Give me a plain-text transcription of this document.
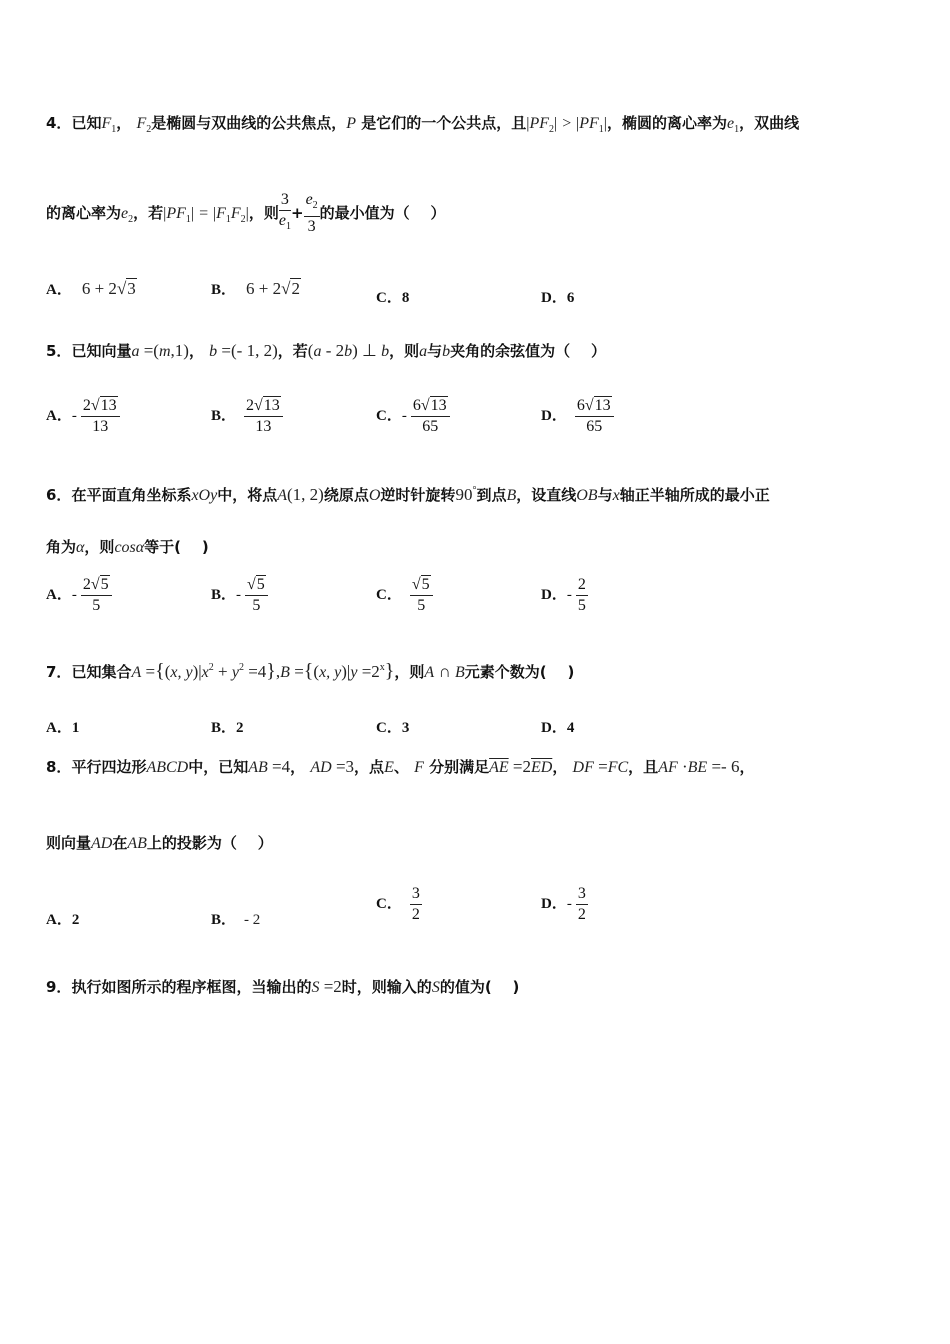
4．已知$F_1$， $F_2$是椭圆与双曲线的公共焦点，P 是它们的一个公共点，且$|PF_2| > |PF_1|$，椭圆的离心率为$e_1$，双曲线
的离心率为$e_2$，若$|PF_1| = |F_1F_2|$，则 $\frac{3}{e_1} + \frac{e_2}{3}$ 的最小值为（    ）
A． 6 + 2√3	B． 6 + 2√2	C．8	D．6
5．已知向量a =(m,1)， b =(- 1, 2)，若(a - 2b) ⊥ b，则a与b夹角的余弦值为（    ）
A．- $\frac{2√13}{13}$	B． $\frac{2√13}{13}$	C．- $\frac{6√13}{65}$	D． $\frac{6√13}{65}$
6．在平面直角坐标系xOy中，将点A(1, 2)绕原点O逆时针旋转90°到点B，设直线OB与x轴正半轴所成的最小正
角为α，则cosα等于(    )
A．- $\frac{2√5}{5}$	B．- $\frac{√5}{5}$	C． $\frac{√5}{5}$	D．- $\frac{2}{5}$
7．已知集合A ={(x, $y)|x^2 + y^2 =4\},B =\{(x$, $y)|y =2^x$}，则A ∩ B元素个数为(    )
A．1	B．2	C．3	D．4
8．平行四边形ABCD中，已知AB =4， AD =3，点E、 F 分别满足$\overline{AE} =2\overline{ED}$， DF =FC，且AF ·BE =- 6，
则向量AD在AB上的投影为（    ）
A．2	B． - 2
C． $\frac{3}{2}$	D．- $\frac{3}{2}$
9．执行如图所示的程序框图，当输出的S =2时，则输入的S的值为(    )
